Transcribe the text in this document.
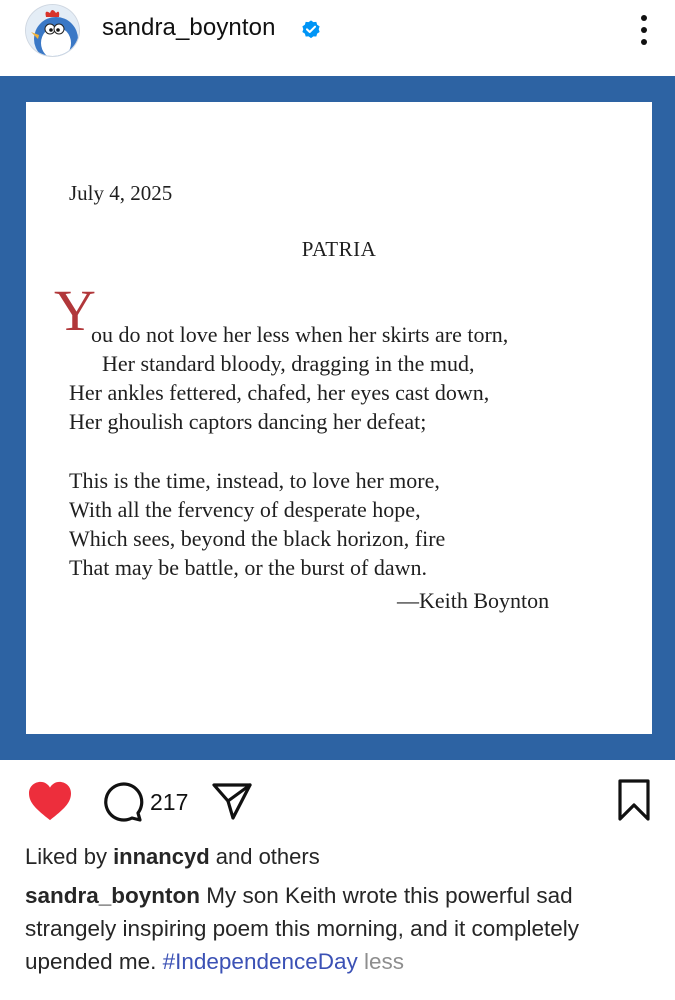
sandra_boynton
July 4, 2025
PATRIA
Y
ou do not love her less when her skirts are torn,
Her standard bloody, dragging in the mud,
Her ankles fettered, chafed, her eyes cast down,
Her ghoulish captors dancing her defeat;
This is the time, instead, to love her more,
With all the fervency of desperate hope,
Which sees, beyond the black horizon, fire
That may be battle, or the burst of dawn.
—Keith Boynton
217
Liked by innancyd and others
sandra_boynton My son Keith wrote this powerful sad strangely inspiring poem this morning, and it completely upended me. #IndependenceDay less
